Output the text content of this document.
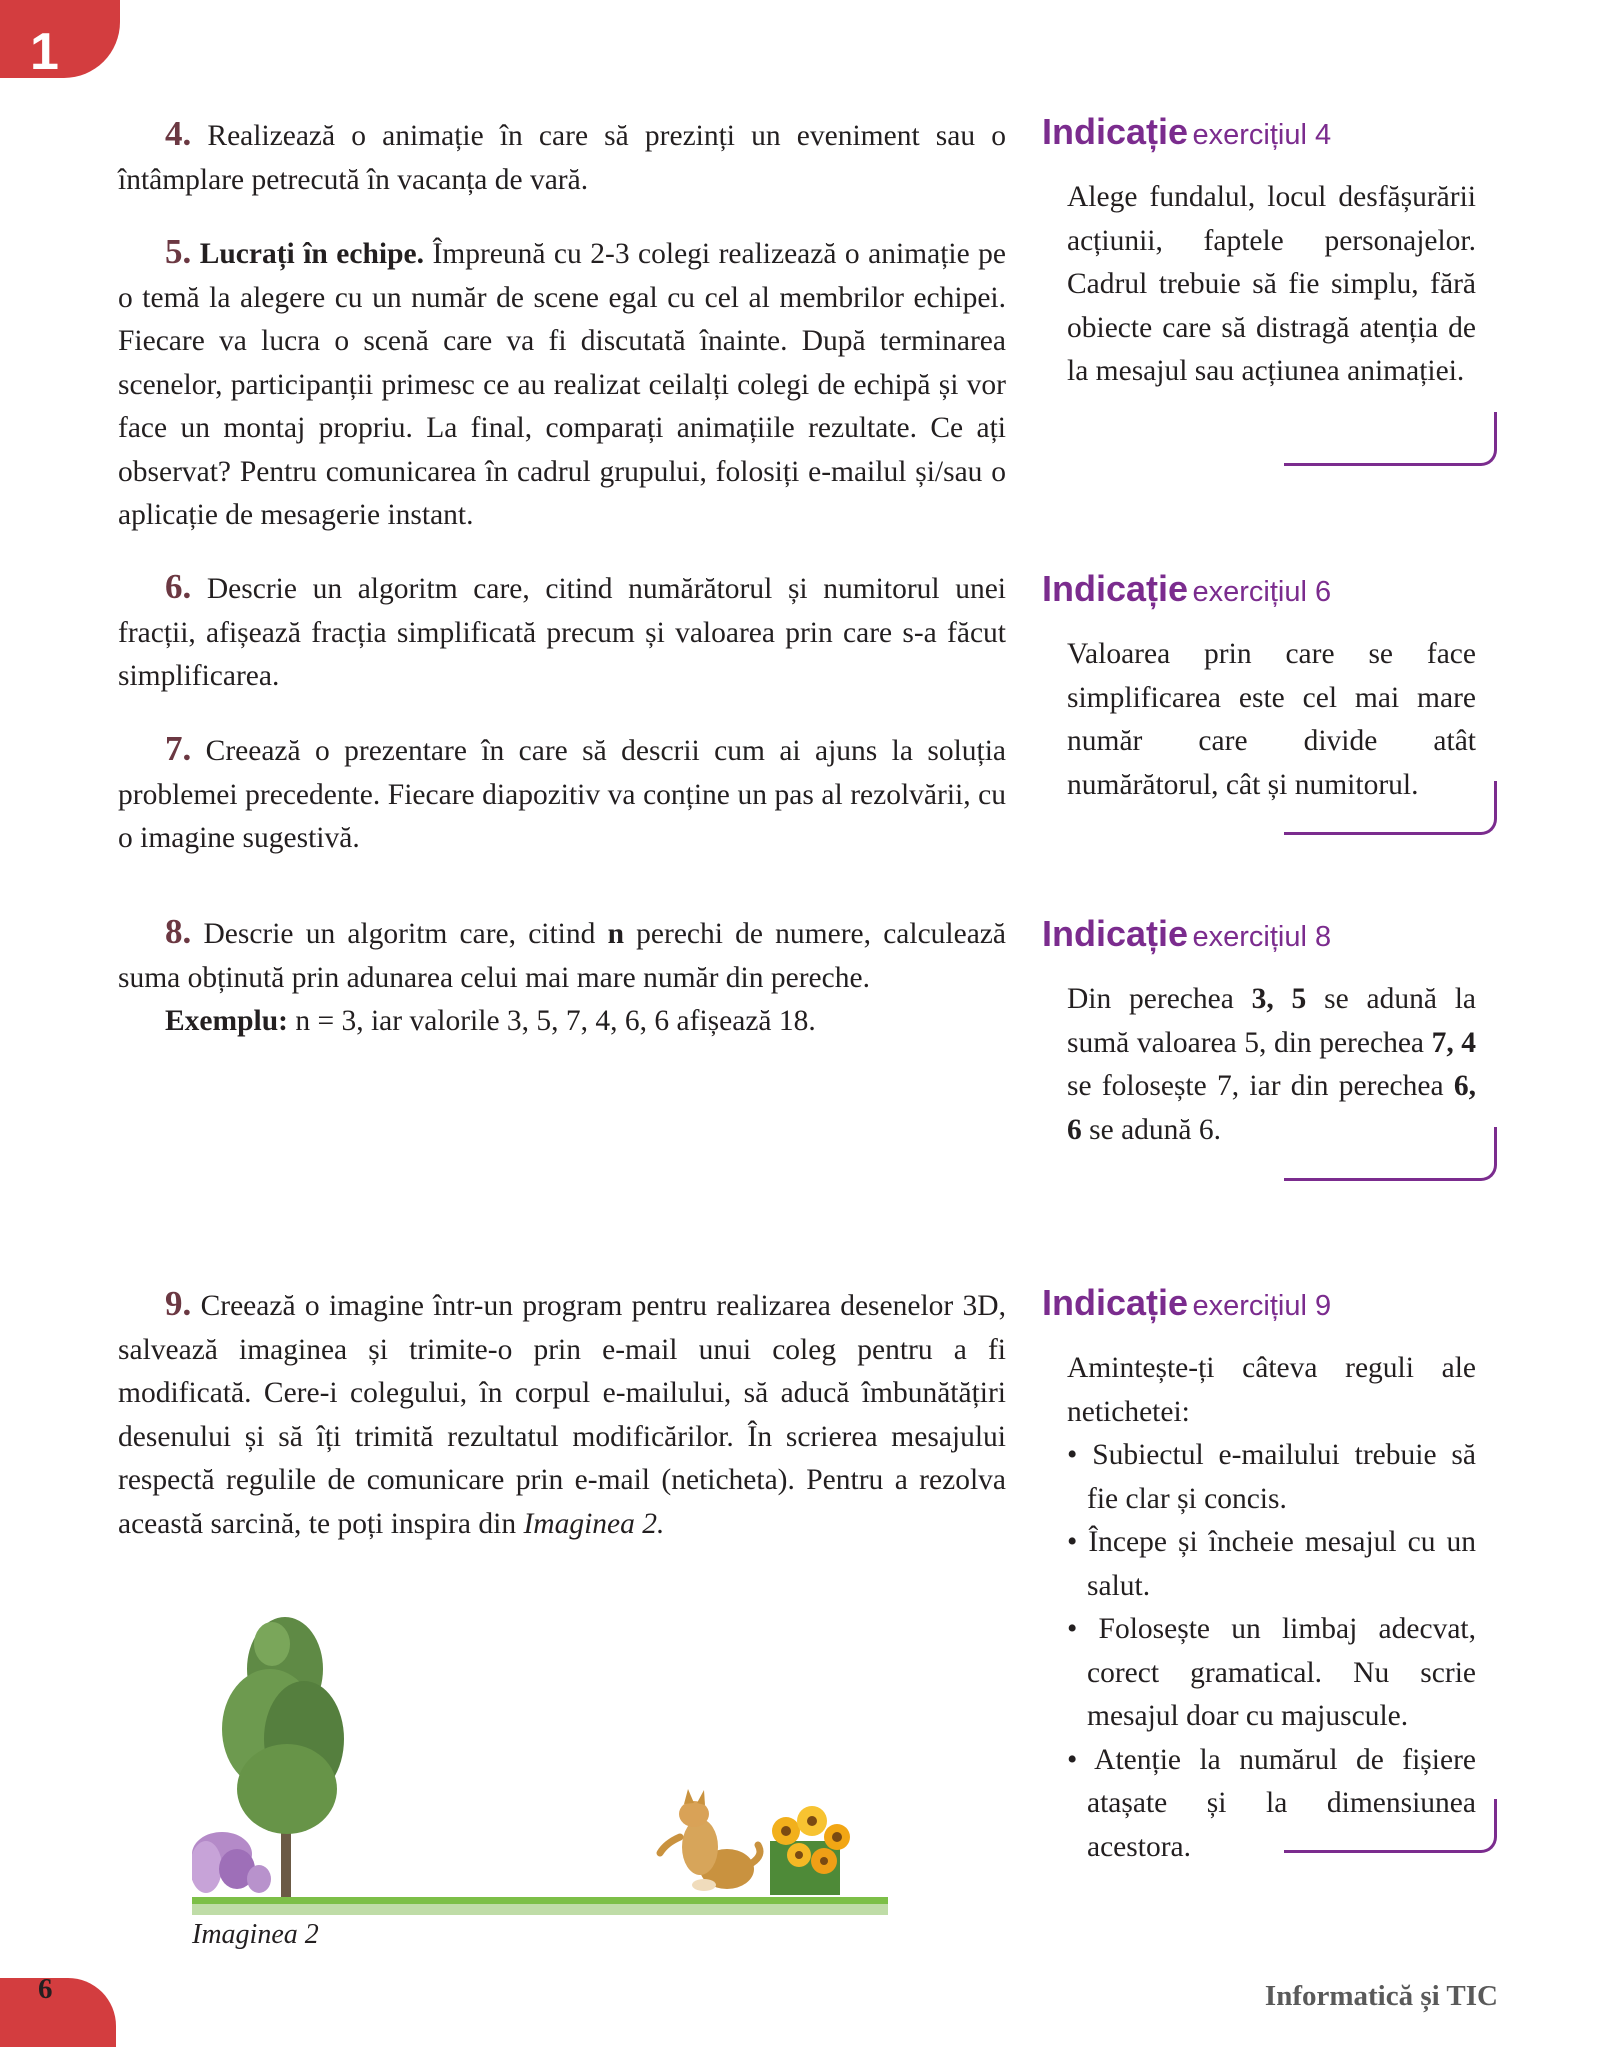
1

4. Realizează o animație în care să prezinți un eveniment sau o întâmplare petrecută în vacanța de vară.

5. Lucrați în echipe. Împreună cu 2-3 colegi realizează o animație pe o temă la alegere cu un număr de scene egal cu cel al membrilor echipei. Fiecare va lucra o scenă care va fi discutată înainte. După terminarea scenelor, participanții primesc ce au realizat ceilalți colegi de echipă și vor face un montaj propriu. La final, comparați animațiile rezultate. Ce ați observat? Pentru comunicarea în cadrul grupului, folosiți e-mailul și/sau o aplicație de mesagerie instant.

6. Descrie un algoritm care, citind numărătorul și numitorul unei fracții, afișează fracția simplificată precum și valoarea prin care s-a făcut simplificarea.

7. Creează o prezentare în care să descrii cum ai ajuns la soluția problemei precedente. Fiecare diapozitiv va conține un pas al rezolvării, cu o imagine sugestivă.

8. Descrie un algoritm care, citind n perechi de numere, calculează suma obținută prin adunarea celui mai mare număr din pereche.

Exemplu: n = 3, iar valorile 3, 5, 7, 4, 6, 6 afișează 18.

9. Creează o imagine într-un program pentru realizarea desenelor 3D, salvează imaginea și trimite-o prin e-mail unui coleg pentru a fi modificată. Cere-i colegului, în corpul e-mailului, să aducă îmbunătățiri desenului și să îți trimită rezultatul modificărilor. În scrierea mesajului respectă regulile de comunicare prin e-mail (neticheta). Pentru a rezolva această sarcină, te poți inspira din Imaginea 2.

Indicație exercițiul 4

Alege fundalul, locul desfășurării acțiunii, faptele personajelor. Cadrul trebuie să fie simplu, fără obiecte care să distragă atenția de la mesajul sau acțiunea animației.

Indicație exercițiul 6

Valoarea prin care se face simplificarea este cel mai mare număr care divide atât numărătorul, cât și numitorul.

Indicație exercițiul 8

Din perechea 3, 5 se adună la sumă valoarea 5, din perechea 7, 4 se folosește 7, iar din perechea 6, 6 se adună 6.

Indicație exercițiul 9

Amintește-ți câteva reguli ale netichetei:

• Subiectul e-mailului trebuie să fie clar și concis.
• Începe și încheie mesajul cu un salut.
• Folosește un limbaj adecvat, corect gramatical. Nu scrie mesajul doar cu majuscule.
• Atenție la numărul de fișiere atașate și la dimensiunea acestora.
Imaginea 2
6	Informatică și TIC
